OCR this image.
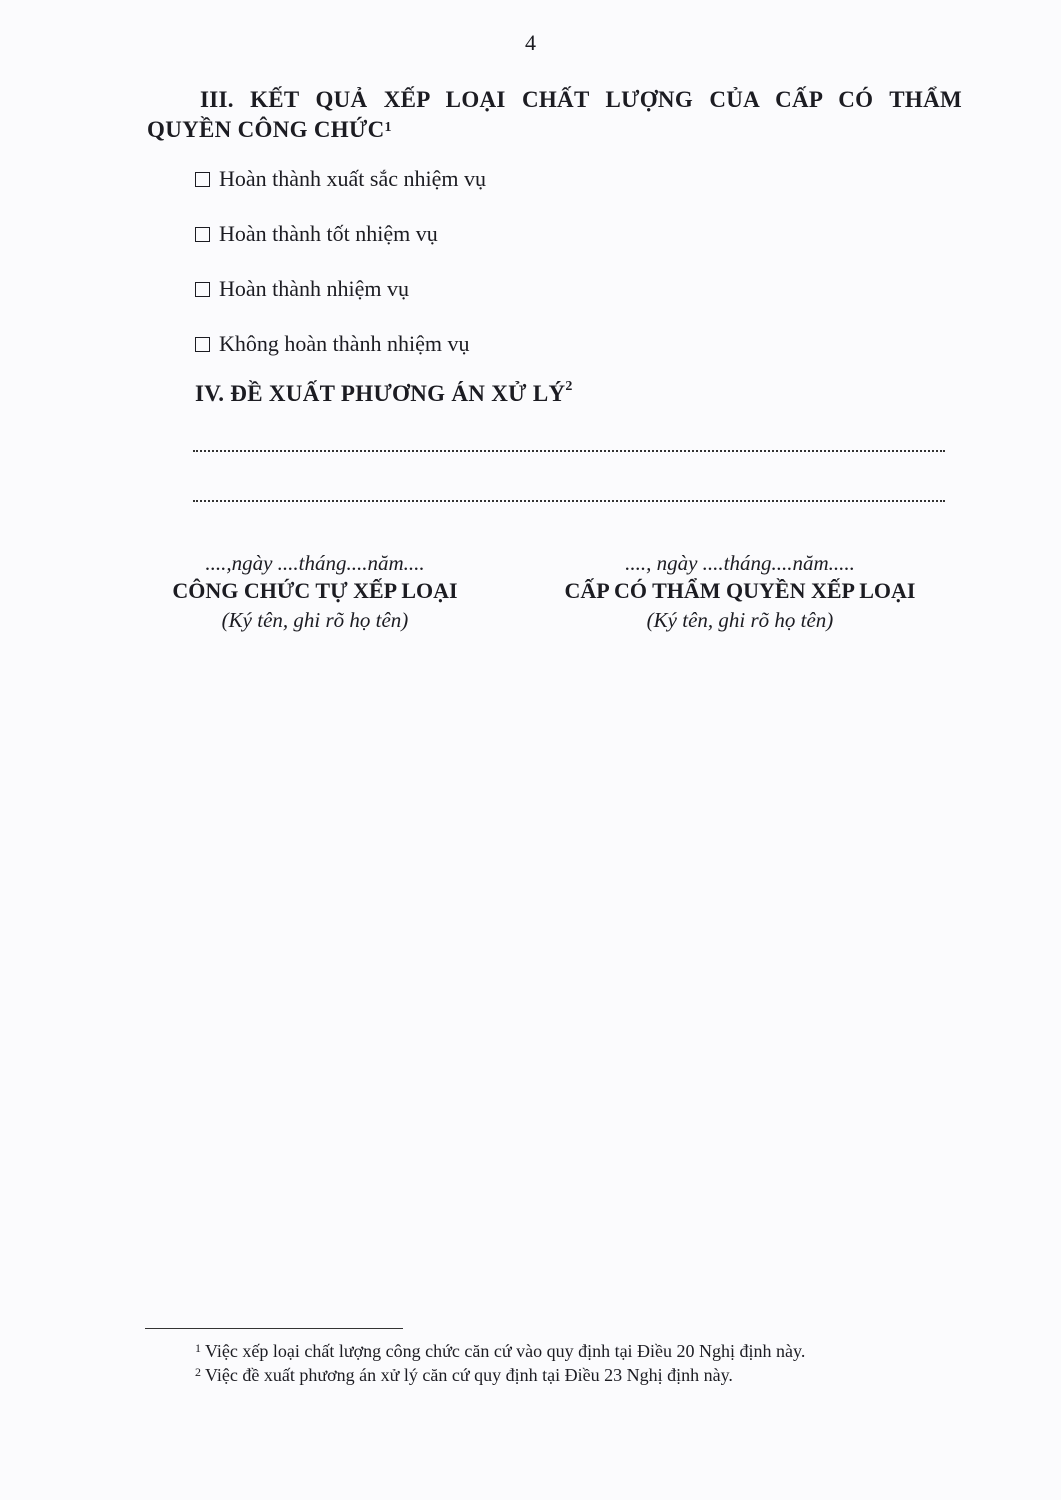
4
III. KẾT QUẢ XẾP LOẠI CHẤT LƯỢNG CỦA CẤP CÓ THẨM
QUYỀN CÔNG CHỨC$^1$
Hoàn thành xuất sắc nhiệm vụ
Hoàn thành tốt nhiệm vụ
Hoàn thành nhiệm vụ
Không hoàn thành nhiệm vụ
IV. ĐỀ XUẤT PHƯƠNG ÁN XỬ $LÝ^2$
....,ngày ....tháng....năm....
CÔNG CHỨC TỰ XẾP LOẠI
(Ký tên, ghi rõ họ tên)
...., ngày ....tháng....năm.....
CẤP CÓ THẨM QUYỀN XẾP LOẠI
(Ký tên, ghi rõ họ tên)
$^1$ Việc xếp loại chất lượng công chức căn cứ vào quy định tại Điều 20 Nghị định này.
$^2$ Việc đề xuất phương án xử lý căn cứ quy định tại Điều 23 Nghị định này.
